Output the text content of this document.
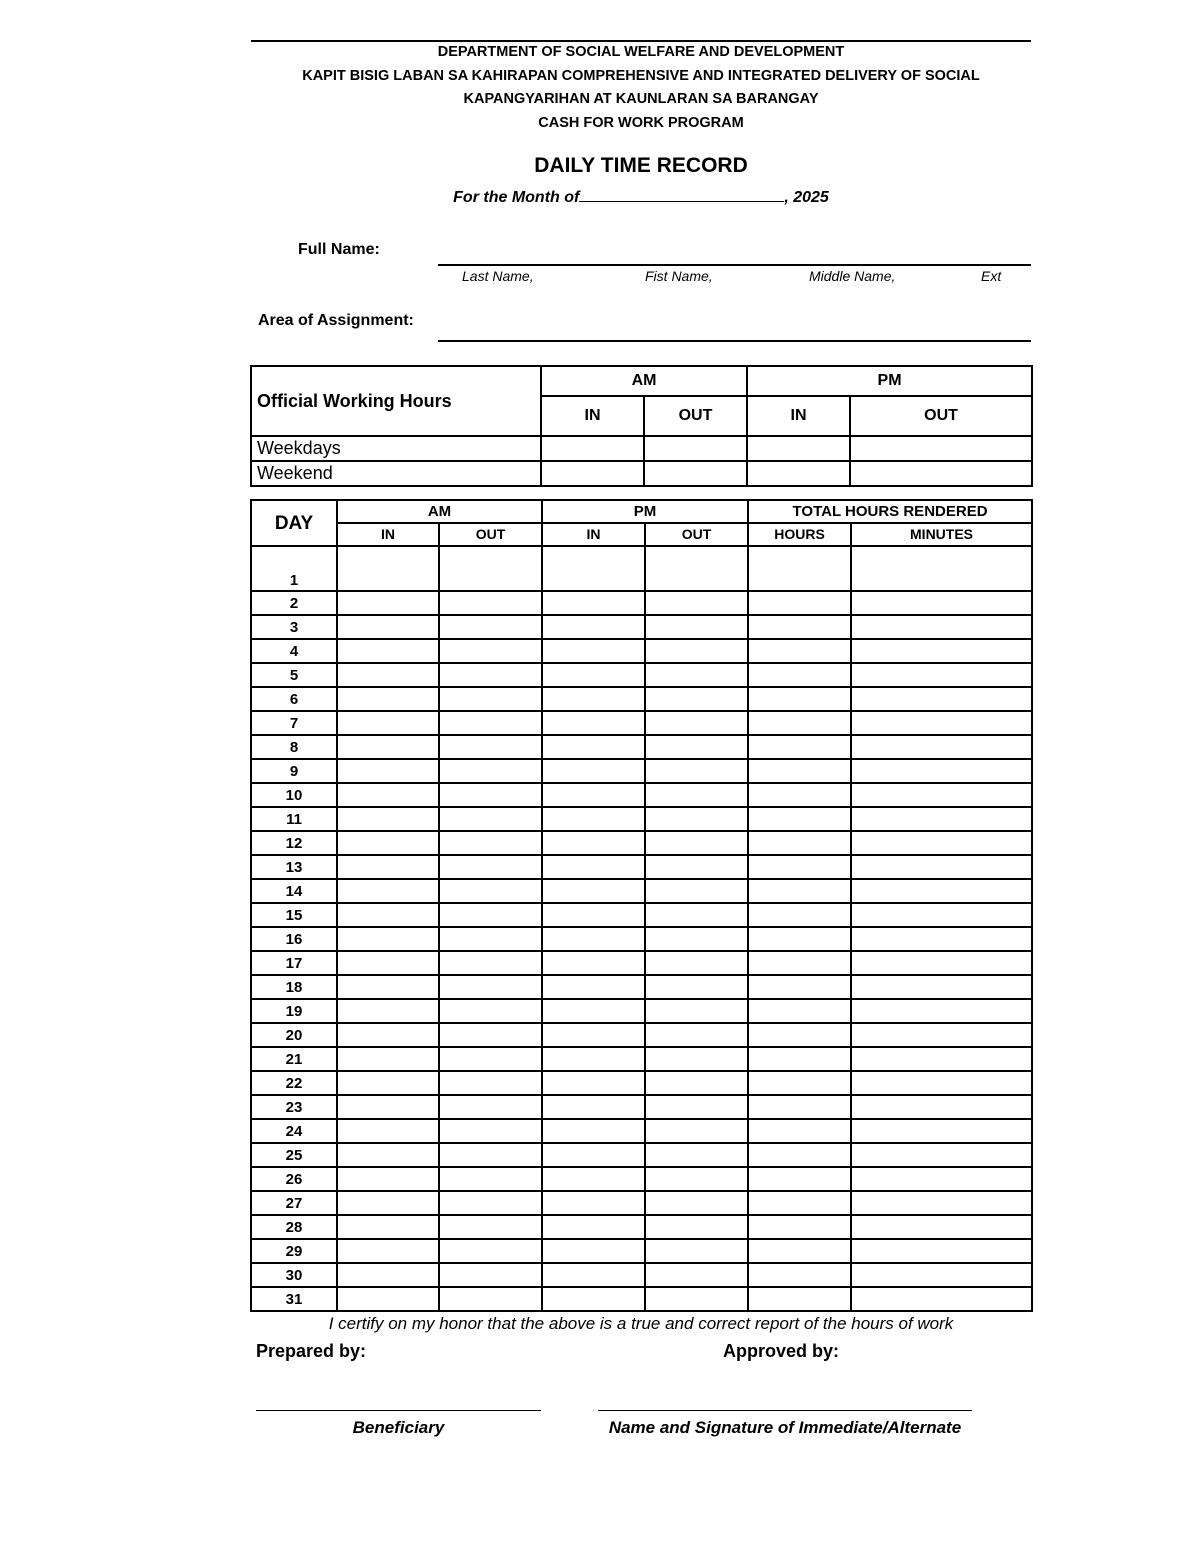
DEPARTMENT OF SOCIAL WELFARE AND DEVELOPMENT
KAPIT BISIG LABAN SA KAHIRAPAN COMPREHENSIVE AND INTEGRATED DELIVERY OF SOCIAL
KAPANGYARIHAN AT KAUNLARAN SA BARANGAY
CASH FOR WORK PROGRAM
DAILY TIME RECORD
For the Month of	, 2025
Full Name:
Last Name,	Fist Name,	Middle Name,	Ext
Area of Assignment:
Official Working Hours	AM		PM	
	IN	OUT	IN	OUT
Weekdays				
Weekend				
DAY	AM		PM		TOTAL HOURS RENDERED	
	IN	OUT	IN	OUT	HOURS	MINUTES
1						
2						
3						
4						
5						
6						
7						
8						
9						
10						
11						
12						
13						
14						
15						
16						
17						
18						
19						
20						
21						
22						
23						
24						
25						
26						
27						
28						
29						
30						
31						
I certify on my honor that the above is a true and correct report of the hours of work
Prepared by:	Approved by:
Beneficiary	Name and Signature of Immediate/Alternate
